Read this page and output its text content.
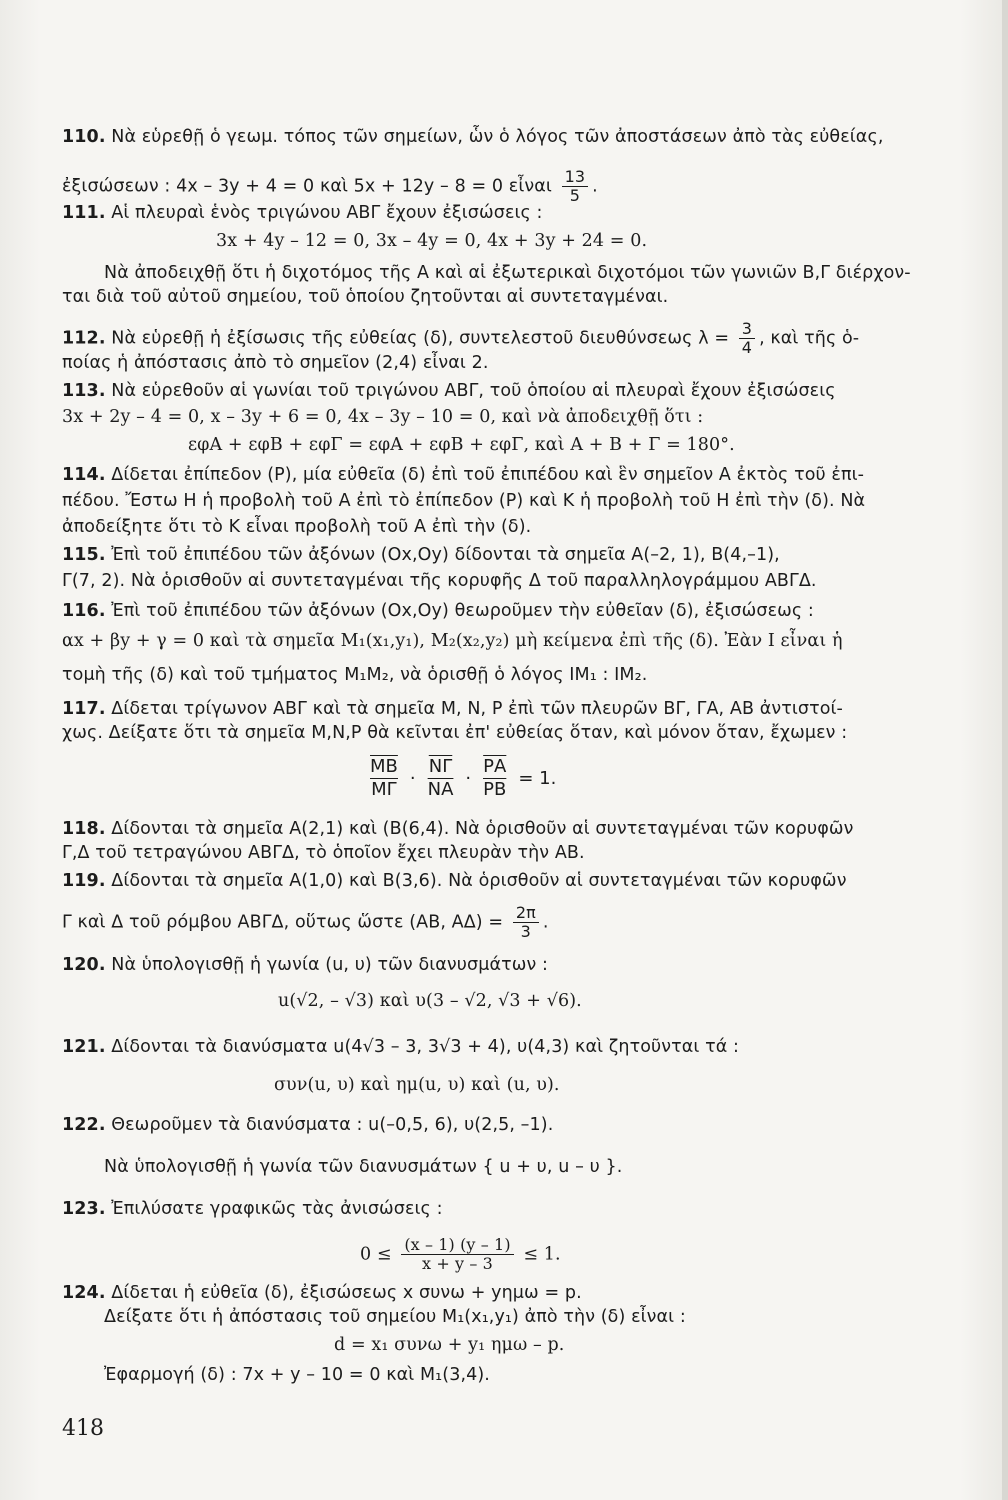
110. Νὰ εὑρεθῇ ὁ γεωμ. τόπος τῶν σημείων, ὧν ὁ λόγος τῶν ἀποστάσεων ἀπὸ τὰς εὐθείας,
ἐξισώσεων : 4x – 3y + 4 = 0 καὶ 5x + 12y – 8 = 0 εἶναι $\frac{13}{5}$ .
111. Αἱ πλευραὶ ἑνὸς τριγώνου ΑΒΓ ἔχουν ἐξισώσεις :
3x + 4y – 12 = 0, 3x – 4y = 0, 4x + 3y + 24 = 0.
Νὰ ἀποδειχθῇ ὅτι ἡ διχοτόμος τῆς Α καὶ αἱ ἐξωτερικαὶ διχοτόμοι τῶν γωνιῶν Β,Γ διέρχον-
ται διὰ τοῦ αὐτοῦ σημείου, τοῦ ὁποίου ζητοῦνται αἱ συντεταγμέναι.
112. Νὰ εὑρεθῇ ἡ ἐξίσωσις τῆς εὐθείας (δ), συντελεστοῦ διευθύνσεως $\lambda = \frac{3}{4}$ , καὶ τῆς ὁ-
ποίας ἡ ἀπόστασις ἀπὸ τὸ σημεῖον (2,4) εἶναι 2.
113. Νὰ εὑρεθοῦν αἱ γωνίαι τοῦ τριγώνου ΑΒΓ, τοῦ ὁποίου αἱ πλευραὶ ἔχουν ἐξισώσεις
3x + 2y – 4 = 0, x – 3y + 6 = 0, 4x – 3y – 10 = 0, καὶ νὰ ἀποδειχθῇ ὅτι :
εφΑ + εφΒ + εφΓ = εφΑ + εφΒ + εφΓ, καὶ Α + Β + Γ = 180°.
114. Δίδεται ἐπίπεδον (Ρ), μία εὐθεῖα (δ) ἐπὶ τοῦ ἐπιπέδου καὶ ἓν σημεῖον Α ἐκτὸς τοῦ ἐπι-
πέδου. Ἔστω Η ἡ προβολὴ τοῦ Α ἐπὶ τὸ ἐπίπεδον (Ρ) καὶ Κ ἡ προβολὴ τοῦ Η ἐπὶ τὴν (δ). Νὰ
ἀποδείξητε ὅτι τὸ Κ εἶναι προβολὴ τοῦ Α ἐπὶ τὴν (δ).
115. Ἐπὶ τοῦ ἐπιπέδου τῶν ἀξόνων (Ox,Oy) δίδονται τὰ σημεῖα Α(–2, 1), Β(4,–1),
Γ(7, 2). Νὰ ὁρισθοῦν αἱ συντεταγμέναι τῆς κορυφῆς Δ τοῦ παραλληλογράμμου ΑΒΓΔ.
116. Ἐπὶ τοῦ ἐπιπέδου τῶν ἀξόνων (Ox,Oy) θεωροῦμεν τὴν εὐθεῖαν (δ), ἐξισώσεως :
αx + βy + γ = 0 καὶ τὰ σημεῖα M₁(x₁,y₁), M₂(x₂,y₂) μὴ κείμενα ἐπὶ τῆς (δ). Ἐὰν Ι εἶναι ἡ
τομὴ τῆς (δ) καὶ τοῦ τμήματος M₁M₂, νὰ ὁρισθῇ ὁ λόγος IM₁ : IM₂.
117. Δίδεται τρίγωνον ΑΒΓ καὶ τὰ σημεῖα Μ, Ν, Ρ ἐπὶ τῶν πλευρῶν ΒΓ, ΓΑ, ΑΒ ἀντιστοί-
χως. Δείξατε ὅτι τὰ σημεῖα Μ,Ν,Ρ θὰ κεῖνται ἐπ' εὐθείας ὅταν, καὶ μόνον ὅταν, ἔχωμεν :
$\overline{MB}$
$\overline{M\Gamma}$
·
$\overline{N\Gamma}$
$\overline{NA}$
· $\frac{\overline{PA}}{PB} = 1$.
118. Δίδονται τὰ σημεῖα Α(2,1) καὶ (Β(6,4). Νὰ ὁρισθοῦν αἱ συντεταγμέναι τῶν κορυφῶν
Γ,Δ τοῦ τετραγώνου ΑΒΓΔ, τὸ ὁποῖον ἔχει πλευρὰν τὴν ΑΒ.
119. Δίδονται τὰ σημεῖα Α(1,0) καὶ Β(3,6). Νὰ ὁρισθοῦν αἱ συντεταγμέναι τῶν κορυφῶν
Γ καὶ Δ τοῦ ρόμβου ΑΒΓΔ, οὕτως ὥστε (ΑΒ, $A\Delta) = \frac{2\pi}{3}$ .
120. Νὰ ὑπολογισθῇ ἡ γωνία (u, υ) τῶν διανυσμάτων :
u(√2, – √3) καὶ υ(3 – √2, √3 + √6).
121. Δίδονται τὰ διανύσματα u(4√3 – 3, 3√3 + 4), υ(4,3) καὶ ζητοῦνται τά :
συν(u, υ) καὶ ημ(u, υ) καὶ (u, υ).
122. Θεωροῦμεν τὰ διανύσματα : u(–0,5, 6), υ(2,5, –1).
Νὰ ὑπολογισθῇ ἡ γωνία τῶν διανυσμάτων { u + υ, u – υ }.
123. Ἐπιλύσατε γραφικῶς τὰς ἀνισώσεις :
$0 \le \frac{(x - 1) (y - 1)}{x + y - 3} \le 1$.
124. Δίδεται ἡ εὐθεῖα (δ), ἐξισώσεως x συνω + yημω = p.
Δείξατε ὅτι ἡ ἀπόστασις τοῦ σημείου M₁(x₁,y₁) ἀπὸ τὴν (δ) εἶναι :
d = x₁ συνω + y₁ ημω – p.
Ἐφαρμογή (δ) : 7x + y – 10 = 0 καὶ M₁(3,4).
418
